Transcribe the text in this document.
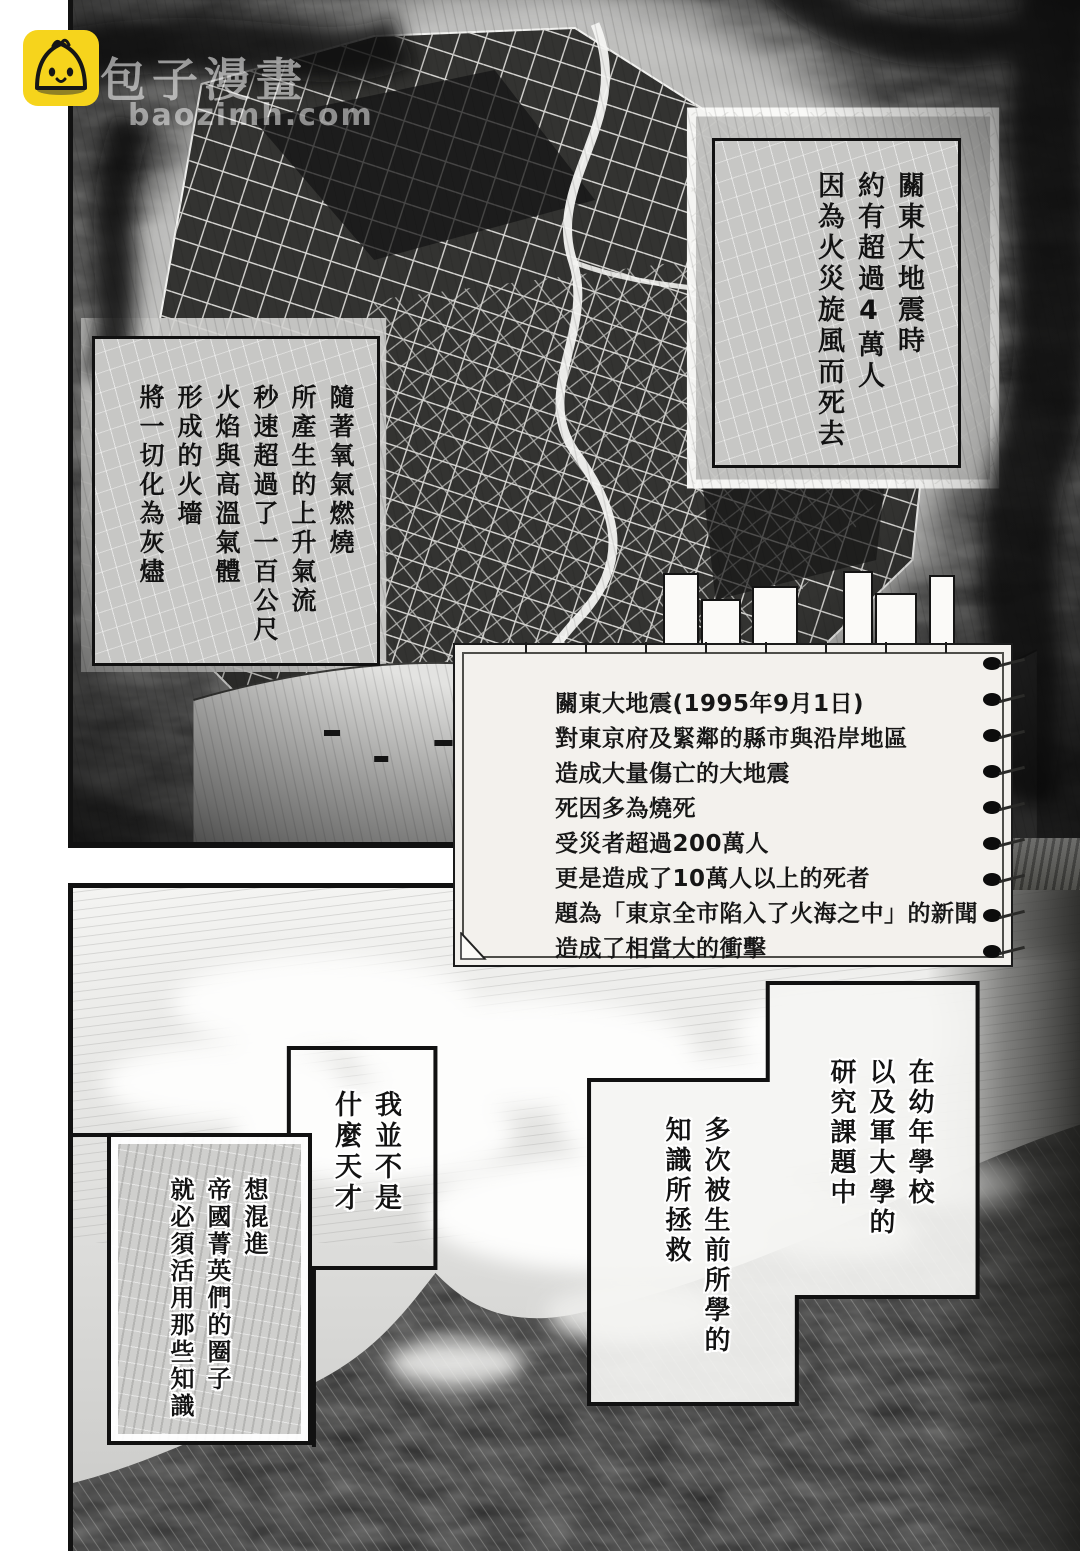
關東大地震時
約有超過4萬人
因為火災旋風而死去
隨著氧氣燃燒
所產生的上升氣流
秒速超過了一百公尺
火焰與高溫氣體
形成的火墻
將一切化為灰燼
在幼年學校
以及軍大學的
研究課題中
多次被生前所學的
知識所拯救
我並不是
什麼天才
想混進
帝國菁英們的圈子
就必須活用那些知識
關東大地震(1995年9月1日)
對東京府及緊鄰的縣市與沿岸地區
造成大量傷亡的大地震
死因多為燒死
受災者超過200萬人
更是造成了10萬人以上的死者
題為「東京全市陷入了火海之中」的新聞
造成了相當大的衝擊
包子漫畫
baozimh.com
